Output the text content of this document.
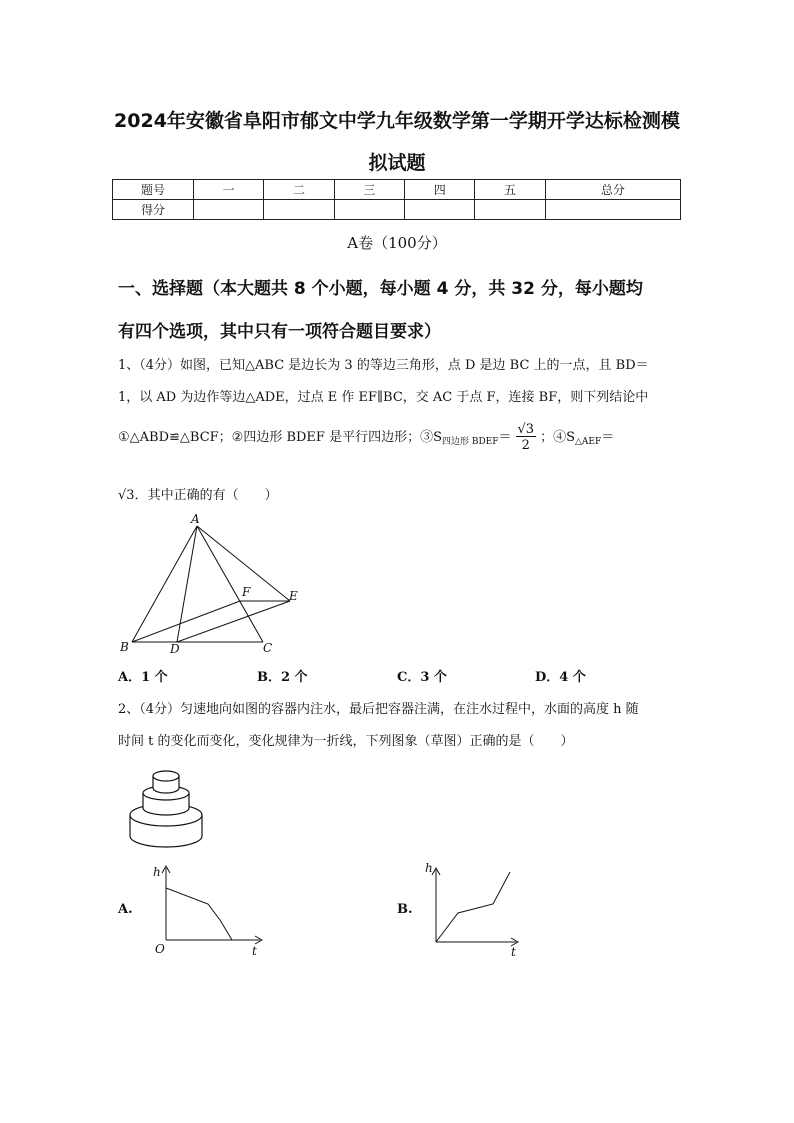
2024年安徽省阜阳市郁文中学九年级数学第一学期开学达标检测模
拟试题
题号	一	二	三	四	五	总分
得分						
A卷（100分）
一、选择题（本大题共 8 个小题，每小题 4 分，共 32 分，每小题均
有四个选项，其中只有一项符合题目要求）
1、（4分）如图，已知△ABC 是边长为 3 的等边三角形，点 D 是边 BC 上的一点，且 BD＝
1，以 AD 为边作等边△ADE，过点 E 作 EF∥BC，交 AC 于点 F，连接 BF，则下列结论中
①△ABD≌△BCF；②四边形 BDEF 是平行四边形；$③S_{四边形 BDEF}= \frac{√3}{2}$ ；$④S_{\triangle AEF}=$
√3．其中正确的有（　　）
A
B	C
D
E
F
A．1 个	B．2 个	C．3 个	D．4 个
2、（4分）匀速地向如图的容器内注水，最后把容器注满，在注水过程中，水面的高度 h 随
时间 t 的变化而变化，变化规律为一折线，下列图象（草图）正确的是（　　）
A.
h
t
O
B.
h
t
